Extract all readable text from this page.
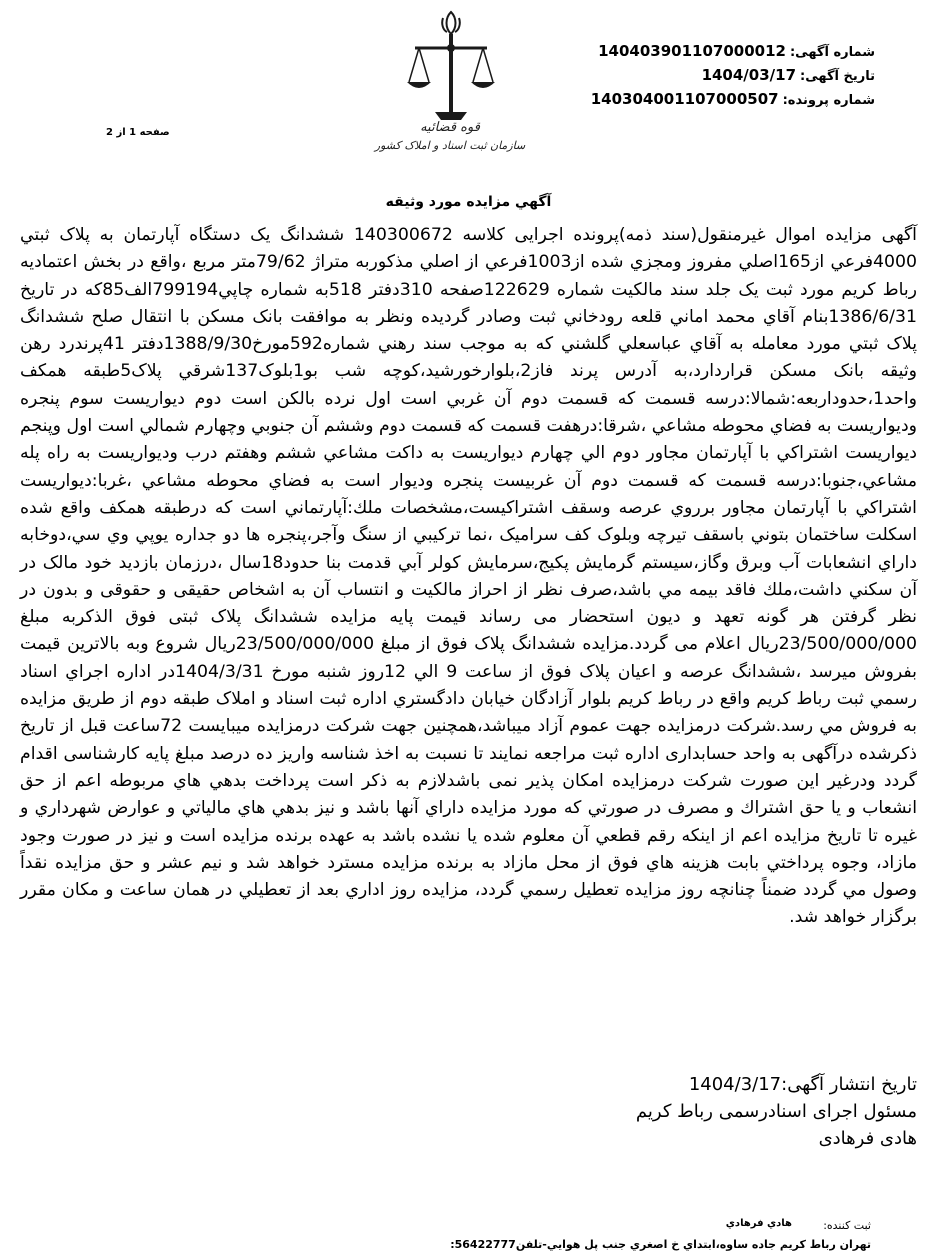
شماره آگهی:140403901107000012
تاریخ آگهی:1404/03/17
شماره پرونده:140304001107000507
قوه قضائیه
سازمان ثبت اسناد و املاک کشور
صفحه 1 از 2
آگهي مزايده مورد وثيقه
آگهی مزایده اموال غیرمنقول(سند ذمه)پرونده اجرایی کلاسه 140300672 ششدانگ یک دستگاه آپارتمان به پلاک ثبتي 4000فرعي از165اصلي مفروز ومجزي شده از1003فرعي از اصلي مذكوربه متراژ 79/62متر مربع ،واقع در بخش اعتماديه رباط كريم مورد ثبت يک جلد سند مالکيت شماره 122629صفحه 310دفتر 518به شماره چاپي799194الف85كه در تاريخ 1386/6/31بنام آقاي محمد اماني قلعه رودخاني ثبت وصادر گرديده ونظر به موافقت بانک مسکن با انتقال صلح ششدانگ پلاک ثبتي مورد معامله به آقاي عباسعلي گلشني كه به موجب سند رهني شماره592مورخ1388/9/30دفتر 41پرندرد رهن وثيقه بانک مسکن قراردارد،به آدرس پرند فاز2،بلوارخورشيد،کوچه شب بو1بلوک137شرقي پلاک5طبقه همكف واحد1،حدوداربعه:شمالا:درسه قسمت كه قسمت دوم آن غربي است اول نرده بالكن است دوم ديواريست سوم پنجره وديواريست به فضاي محوطه مشاعي ،شرقا:درهفت قسمت كه قسمت دوم وششم آن جنوبي وچهارم شمالي است اول وپنجم ديواريست اشتراكي با آپارتمان مجاور دوم الي چهارم ديواريست به داكت مشاعي ششم وهفتم درب وديواريست به راه پله مشاعي،جنوبا:درسه قسمت كه قسمت دوم آن غربيست پنجره وديوار است به فضاي محوطه مشاعي ،غربا:ديواريست اشتراكي با آپارتمان مجاور برروي عرصه وسقف اشتراكيست،مشخصات ملك:آپارتماني است كه درطبقه همكف واقع شده اسكلت ساختمان بتوني باسقف تيرچه وبلوک كف سراميک ،نما تركيبي از سنگ وآجر،پنجره ها دو جداره يوپي وي سي،دوخابه داراي انشعابات آب وبرق وگاز،سيستم گرمايش پكيج،سرمايش كولر آبي قدمت بنا حدود18سال ،درزمان بازديد خود مالک در آن سكني داشت،ملك فاقد بيمه مي باشد،صرف نظر از احراز مالکیت و انتساب آن به اشخاص حقیقی و حقوقی و بدون در نظر گرفتن هر گونه تعهد و دیون استحضار می رساند قیمت پایه مزایده ششدانگ پلاک ثبتی فوق الذکربه مبلغ 23/500/000/000ریال اعلام می گردد.مزایده ششدانگ پلاک فوق از مبلغ 23/500/000/000ريال شروع وبه بالاترين قيمت بفروش ميرسد ،ششدانگ عرصه و اعيان پلاک فوق از ساعت 9 الي 12روز شنبه مورخ 1404/3/31در اداره اجراي اسناد رسمي ثبت رباط كريم واقع در رباط كريم بلوار آزادگان خيابان دادگستري اداره ثبت اسناد و املاک طبقه دوم از طريق مزايده به فروش مي رسد.شركت درمزايده جهت عموم آزاد ميباشد،همچنين جهت شركت درمزايده ميبايست 72ساعت قبل از تاريخ ذكرشده درآگهی به واحد حسابداری اداره ثبت مراجعه نمايند تا نسبت به اخذ شناسه واريز ده درصد مبلغ پايه كارشناسی اقدام گردد ودرغير اين صورت شركت درمزايده امكان پذير نمی باشدلازم به ذکر است پرداخت بدهي هاي مربوطه اعم از حق انشعاب و يا حق اشتراك و مصرف در صورتي كه مورد مزايده داراي آنها باشد و نيز بدهي هاي مالياتي و عوارض شهرداري و غيره تا تاريخ مزايده اعم از اينكه رقم قطعي آن معلوم شده يا نشده باشد به عهده برنده مزايده است و نيز در صورت وجود مازاد، وجوه پرداختي بابت هزينه هاي فوق از محل مازاد به برنده مزايده مسترد خواهد شد و نيم عشر و حق مزايده نقداً وصول مي گردد ضمناً چنانچه روز مزايده تعطيل رسمي گردد، مزايده روز اداري بعد از تعطيلي در همان ساعت و مكان مقرر برگزار خواهد شد.
تاریخ انتشار آگهی:1404/3/17
مسئول اجرای اسنادرسمی رباط کریم
هادی فرهادی
ثبت کننده:
هادي فرهادي
تهران رباط كريم جاده ساوه،ابتداي خ اصغري جنب پل هوايي-تلفن56422777:
